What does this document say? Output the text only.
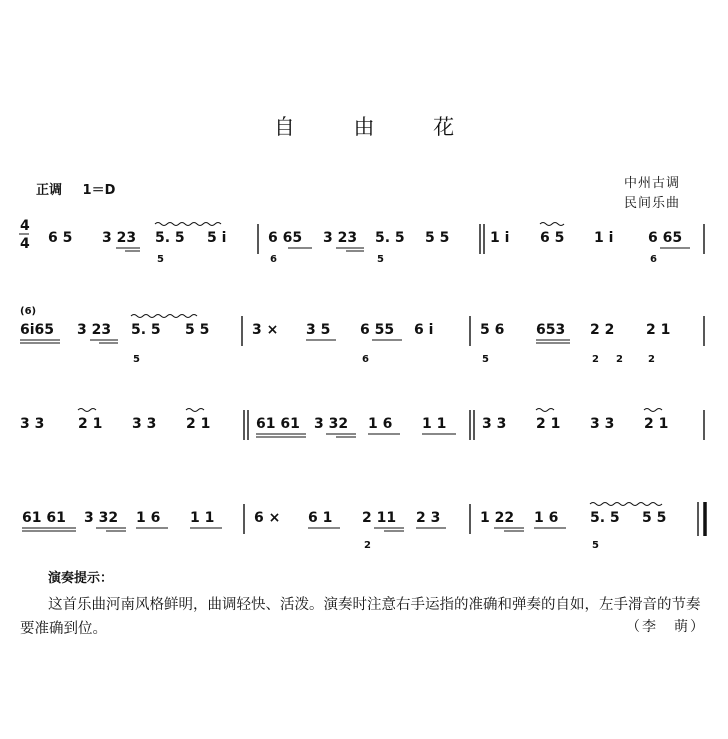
自 由 花
正调 1＝D	中州古调
民间乐曲
4
4 6 5 3 23 5. 5 5 i
5
6 65 3 23 5. 5 5 5
6	5
1 i 6 5 1 i 6 65
6
(6)
6i65 3 23 5. 5 5 5
5
3 × 3 5 6 55 6 i
6
5 6 653 2 2 2 1
5	2 2	2
3 3 2 1 3 3 2 1	61 61 3 32 1 6 1 1	3 3 2 1 3 3 2 1
61 61 3 32 1 6 1 1	6 × 6 1 2 11 2 3
2
1 22 1 6 5. 5 5 5
5
演奏提示：
这首乐曲河南风格鲜明，曲调轻快、活泼。演奏时注意右手运指的准确和弹奏的自如，左手滑音的节奏要准确到位。	（李　萌）
